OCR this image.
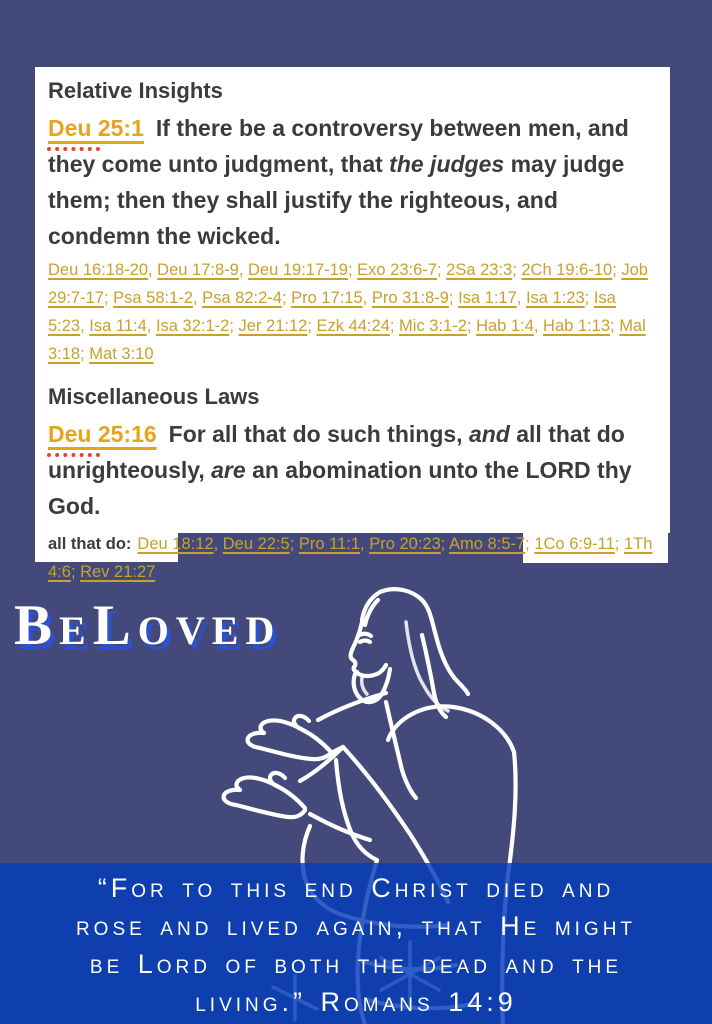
Relative Insights

Deu 25:1 If there be a controversy between men, and they come unto judgment, that the judges may judge them; then they shall justify the righteous, and condemn the wicked.

Deu 16:18-20, Deu 17:8-9, Deu 19:17-19; Exo 23:6-7; 2Sa 23:3; 2Ch 19:6-10; Job 29:7-17; Psa 58:1-2, Psa 82:2-4; Pro 17:15, Pro 31:8-9; Isa 1:17, Isa 1:23; Isa 5:23, Isa 11:4, Isa 32:1-2; Jer 21:12; Ezk 44:24; Mic 3:1-2; Hab 1:4, Hab 1:13; Mal 3:18; Mat 3:10

Miscellaneous Laws

Deu 25:16 For all that do such things, and all that do unrighteously, are an abomination unto the LORD thy God.

all that do: Deu 18:12, Deu 22:5; Pro 11:1, Pro 20:23; Amo 8:5-7; 1Co 6:9-11; 1Th 4:6; Rev 21:27

BeLoved
“For to this end Christ died and
rose and lived again, that He might
be Lord of both the dead and the
living.” Romans 14:9
